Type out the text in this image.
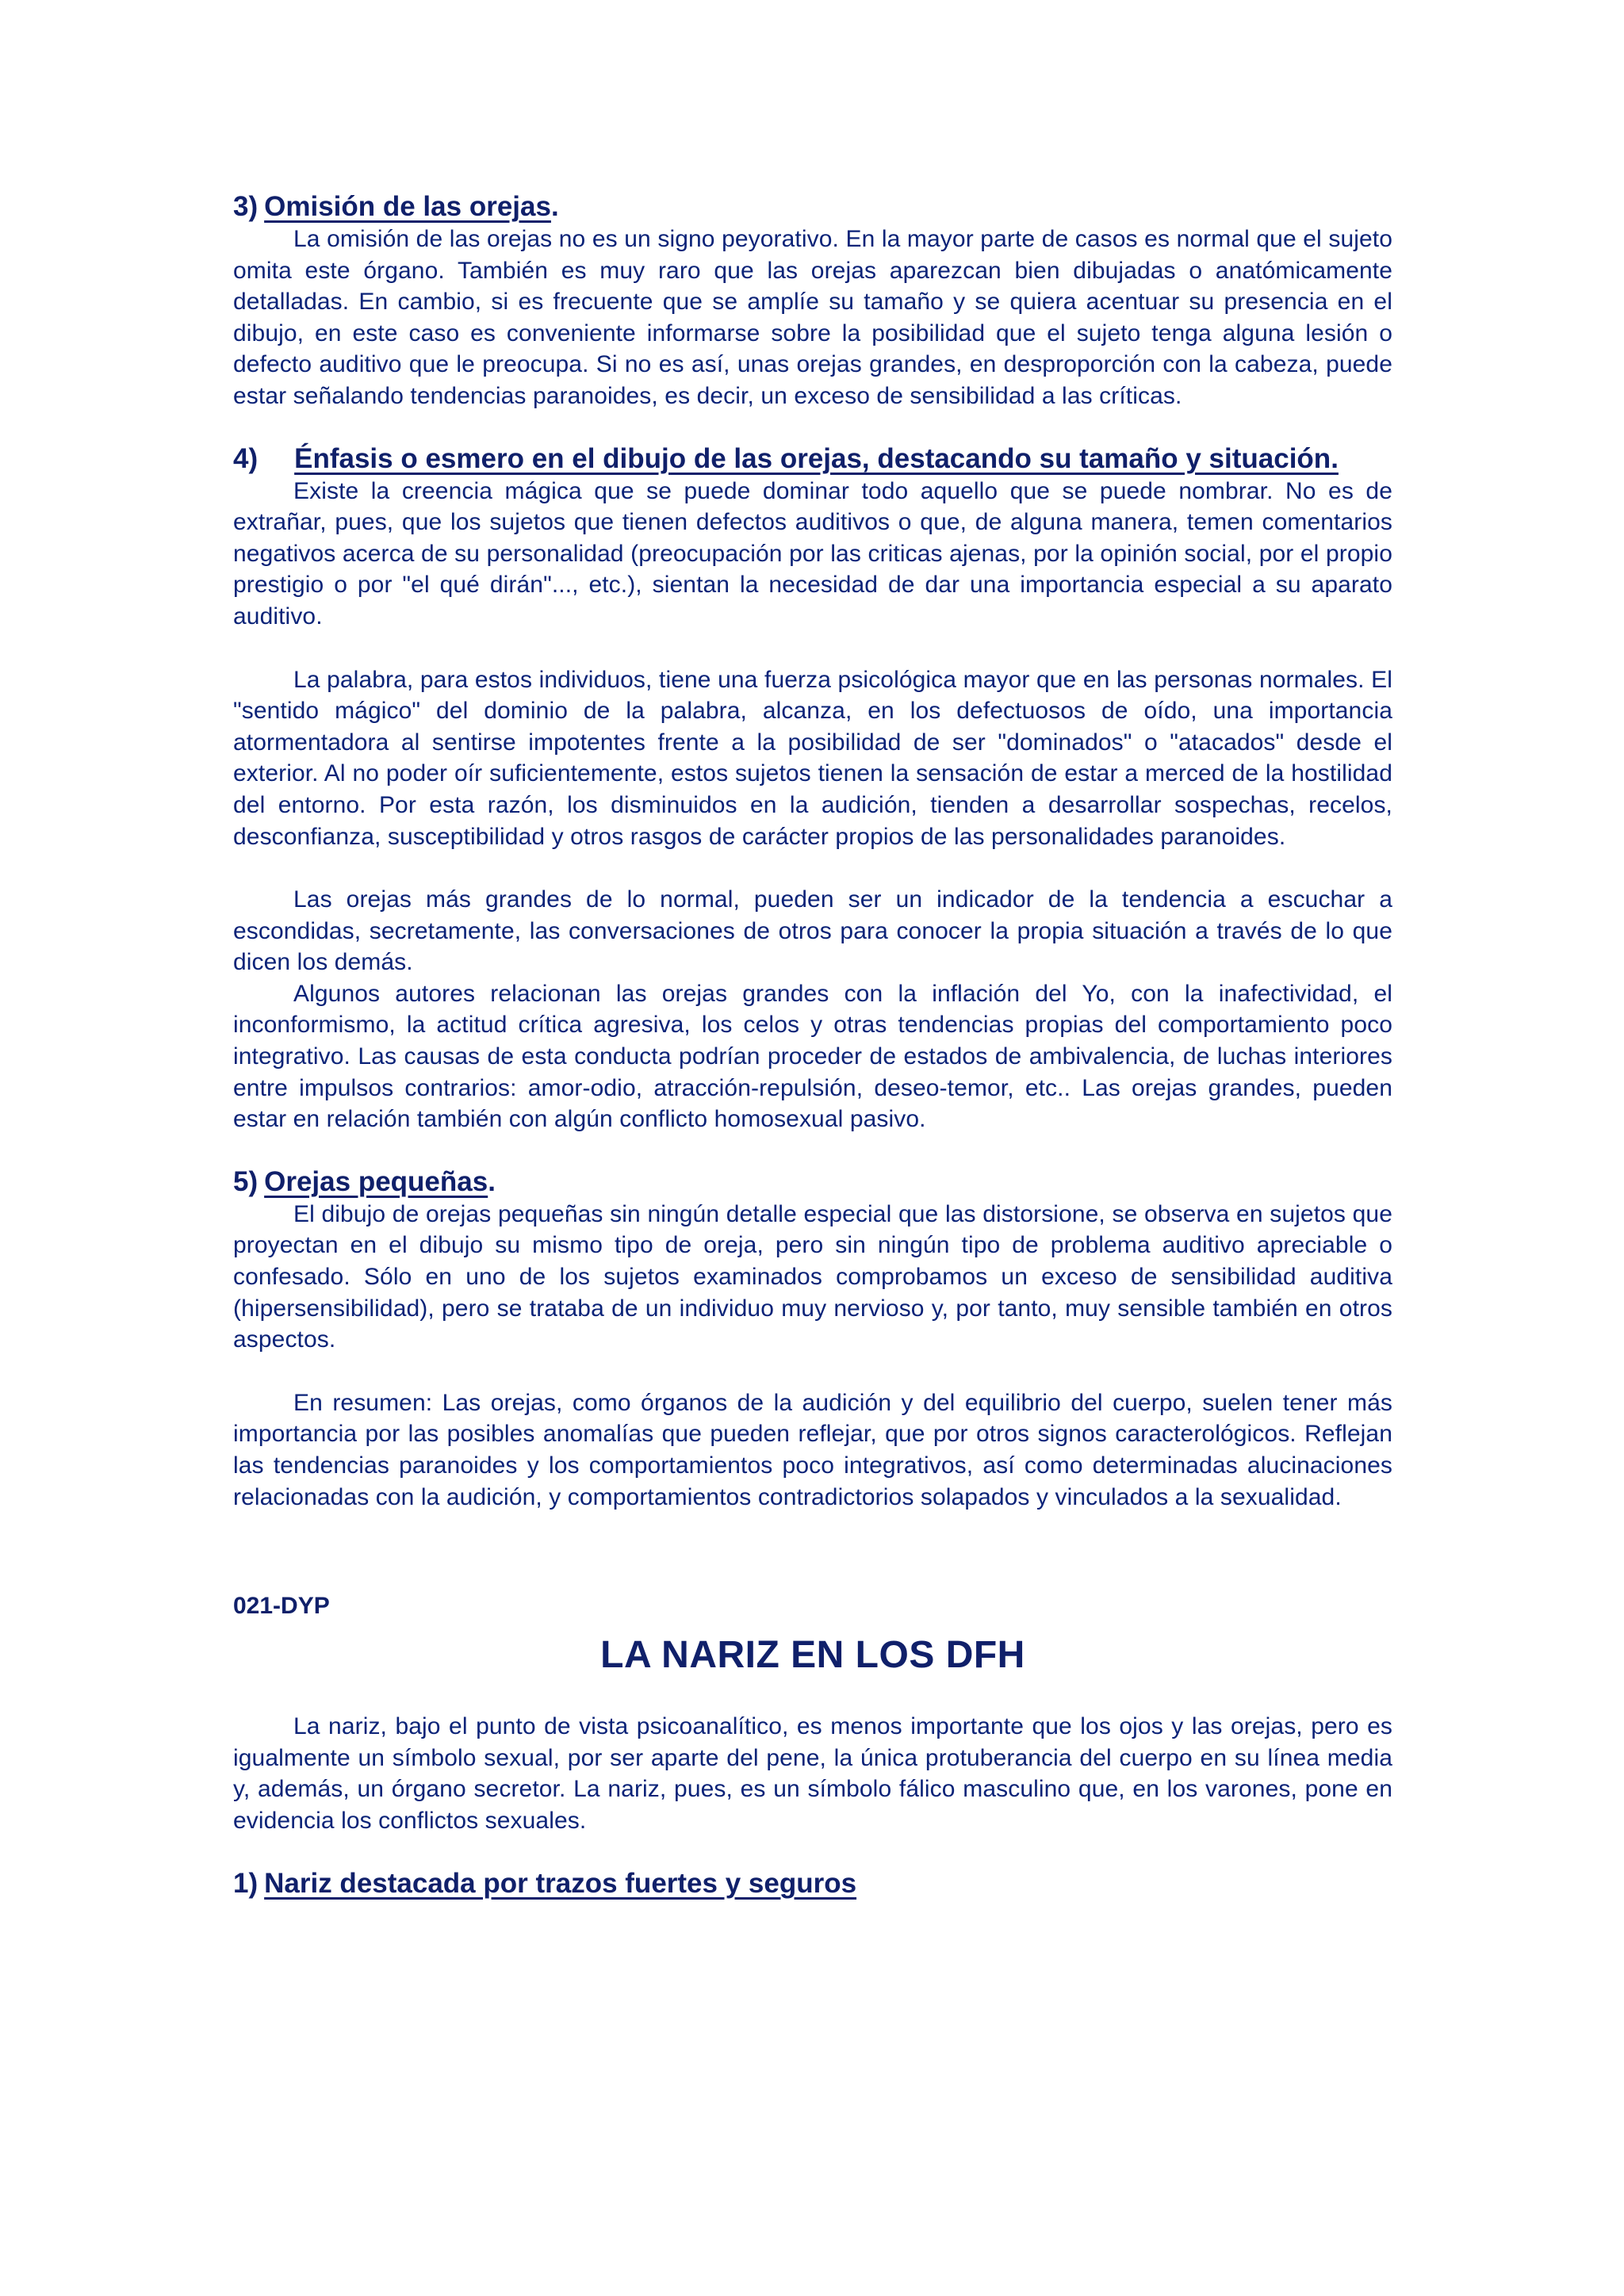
3) Omisión de las orejas.

La omisión de las orejas no es un signo peyorativo. En la mayor parte de casos es normal que el sujeto omita este órgano. También es muy raro que las orejas aparezcan bien dibujadas o anatómicamente detalladas. En cambio, si es frecuente que se amplíe su tamaño y se quiera acentuar su presencia en el dibujo, en este caso es conveniente informarse sobre la posibilidad que el sujeto tenga alguna lesión o defecto auditivo que le preocupa. Si no es así, unas orejas grandes, en desproporción con la cabeza, puede estar señalando tendencias paranoides, es decir, un exceso de sensibilidad a las críticas.

4) Énfasis o esmero en el dibujo de las orejas, destacando su tamaño y situación.

Existe la creencia mágica que se puede dominar todo aquello que se puede nombrar. No es de extrañar, pues, que los sujetos que tienen defectos auditivos o que, de alguna manera, temen comentarios negativos acerca de su personalidad (preocupación por las criticas ajenas, por la opinión social, por el propio prestigio o por "el qué dirán"..., etc.), sientan la necesidad de dar una importancia especial a su aparato auditivo.

La palabra, para estos individuos, tiene una fuerza psicológica mayor que en las personas normales. El "sentido mágico" del dominio de la palabra, alcanza, en los defectuosos de oído, una importancia atormentadora al sentirse impotentes frente a la posibilidad de ser "dominados" o "atacados" desde el exterior. Al no poder oír suficientemente, estos sujetos tienen la sensación de estar a merced de la hostilidad del entorno. Por esta razón, los disminuidos en la audición, tienden a desarrollar sospechas, recelos, desconfianza, susceptibilidad y otros rasgos de carácter propios de las personalidades paranoides.

Las orejas más grandes de lo normal, pueden ser un indicador de la tendencia a escuchar a escondidas, secretamente, las conversaciones de otros para conocer la propia situación a través de lo que dicen los demás.

Algunos autores relacionan las orejas grandes con la inflación del Yo, con la inafectividad, el inconformismo, la actitud crítica agresiva, los celos y otras tendencias propias del comportamiento poco integrativo. Las causas de esta conducta podrían proceder de estados de ambivalencia, de luchas interiores entre impulsos contrarios: amor-odio, atracción-repulsión, deseo-temor, etc.. Las orejas grandes, pueden estar en relación también con algún conflicto homosexual pasivo.

5) Orejas pequeñas.

El dibujo de orejas pequeñas sin ningún detalle especial que las distorsione, se observa en sujetos que proyectan en el dibujo su mismo tipo de oreja, pero sin ningún tipo de problema auditivo apreciable o confesado. Sólo en uno de los sujetos examinados comprobamos un exceso de sensibilidad auditiva (hipersensibilidad), pero se trataba de un individuo muy nervioso y, por tanto, muy sensible también en otros aspectos.

En resumen: Las orejas, como órganos de la audición y del equilibrio del cuerpo, suelen tener más importancia por las posibles anomalías que pueden reflejar, que por otros signos caracterológicos. Reflejan las tendencias paranoides y los comportamientos poco integrativos, así como determinadas alucinaciones relacionadas con la audición, y comportamientos contradictorios solapados y vinculados a la sexualidad.

021-DYP

LA NARIZ EN LOS DFH

La nariz, bajo el punto de vista psicoanalítico, es menos importante que los ojos y las orejas, pero es igualmente un símbolo sexual, por ser aparte del pene, la única protuberancia del cuerpo en su línea media y, además, un órgano secretor. La nariz, pues, es un símbolo fálico masculino que, en los varones, pone en evidencia los conflictos sexuales.

1) Nariz destacada por trazos fuertes y seguros
